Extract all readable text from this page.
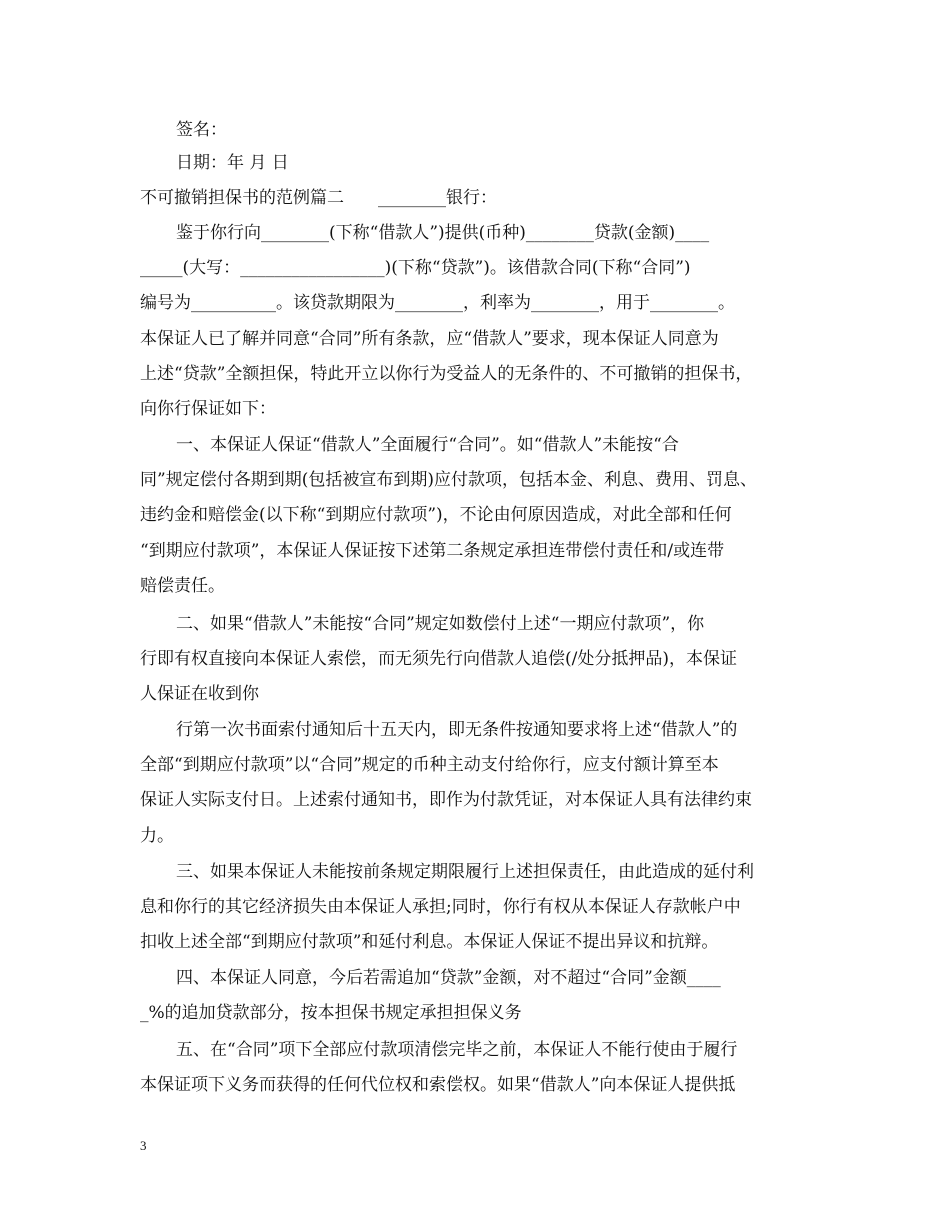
签名：
日期：年 月 日
不可撤销担保书的范例篇二　　________银行：
鉴于你行向________(下称“借款人”)提供(币种)________贷款(金额)____
_____(大写：_________________)(下称“贷款”)。该借款合同(下称“合同”)
编号为__________。该贷款期限为________，利率为________，用于________。
本保证人已了解并同意“合同”所有条款，应“借款人”要求，现本保证人同意为
上述“贷款”全额担保，特此开立以你行为受益人的无条件的、不可撤销的担保书，
向你行保证如下：
一、本保证人保证“借款人”全面履行“合同”。如“借款人”未能按“合
同”规定偿付各期到期(包括被宣布到期)应付款项，包括本金、利息、费用、罚息、
违约金和赔偿金(以下称“到期应付款项”)，不论由何原因造成，对此全部和任何
“到期应付款项”，本保证人保证按下述第二条规定承担连带偿付责任和/或连带
赔偿责任。
二、如果“借款人”未能按“合同”规定如数偿付上述“一期应付款项”，你
行即有权直接向本保证人索偿，而无须先行向借款人追偿(/处分抵押品)，本保证
人保证在收到你
行第一次书面索付通知后十五天内，即无条件按通知要求将上述“借款人”的
全部“到期应付款项”以“合同”规定的币种主动支付给你行，应支付额计算至本
保证人实际支付日。上述索付通知书，即作为付款凭证，对本保证人具有法律约束
力。
三、如果本保证人未能按前条规定期限履行上述担保责任，由此造成的延付利
息和你行的其它经济损失由本保证人承担;同时，你行有权从本保证人存款帐户中
扣收上述全部“到期应付款项”和延付利息。本保证人保证不提出异议和抗辩。
四、本保证人同意，今后若需追加“贷款”金额，对不超过“合同”金额____
_%的追加贷款部分，按本担保书规定承担担保义务
五、在“合同”项下全部应付款项清偿完毕之前，本保证人不能行使由于履行
本保证项下义务而获得的任何代位权和索偿权。如果“借款人”向本保证人提供抵
3
